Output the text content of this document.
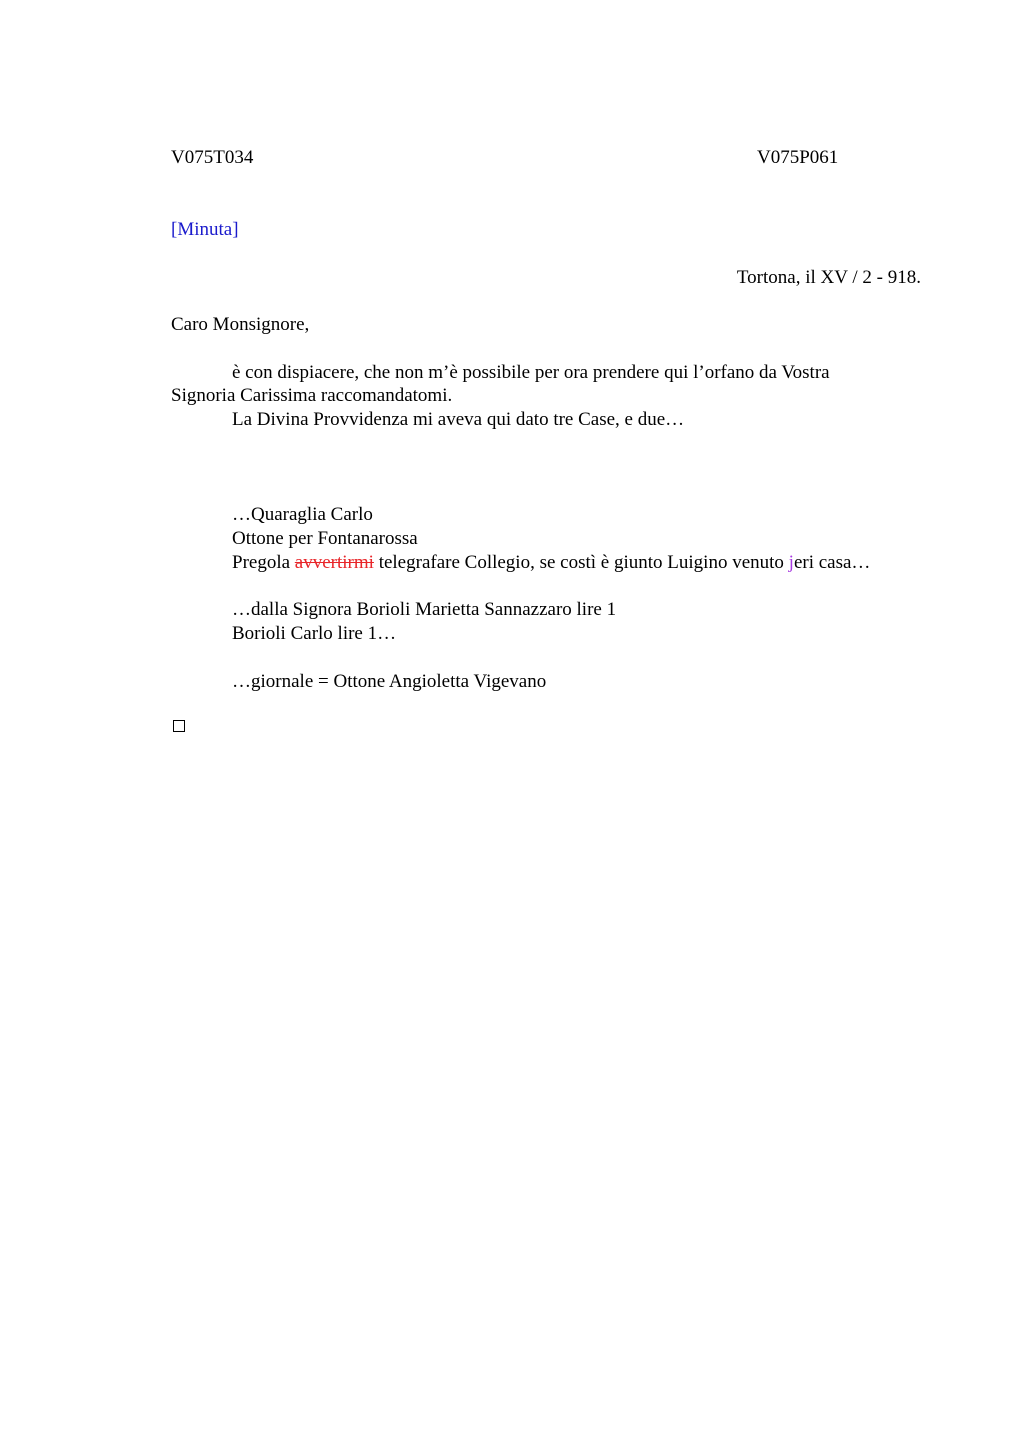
V075T034	V075P061
[Minuta]
Tortona, il XV / 2 - 918.
Caro Monsignore,
è con dispiacere, che non m’è possibile per ora prendere qui l’orfano da Vostra
Signoria Carissima raccomandatomi.
La Divina Provvidenza mi aveva qui dato tre Case, e due…
…Quaraglia Carlo
Ottone per Fontanarossa
Pregola avvertirmi telegrafare Collegio, se costì è giunto Luigino venuto jeri casa…
…dalla Signora Borioli Marietta Sannazzaro lire 1
Borioli Carlo lire 1…
…giornale = Ottone Angioletta Vigevano
